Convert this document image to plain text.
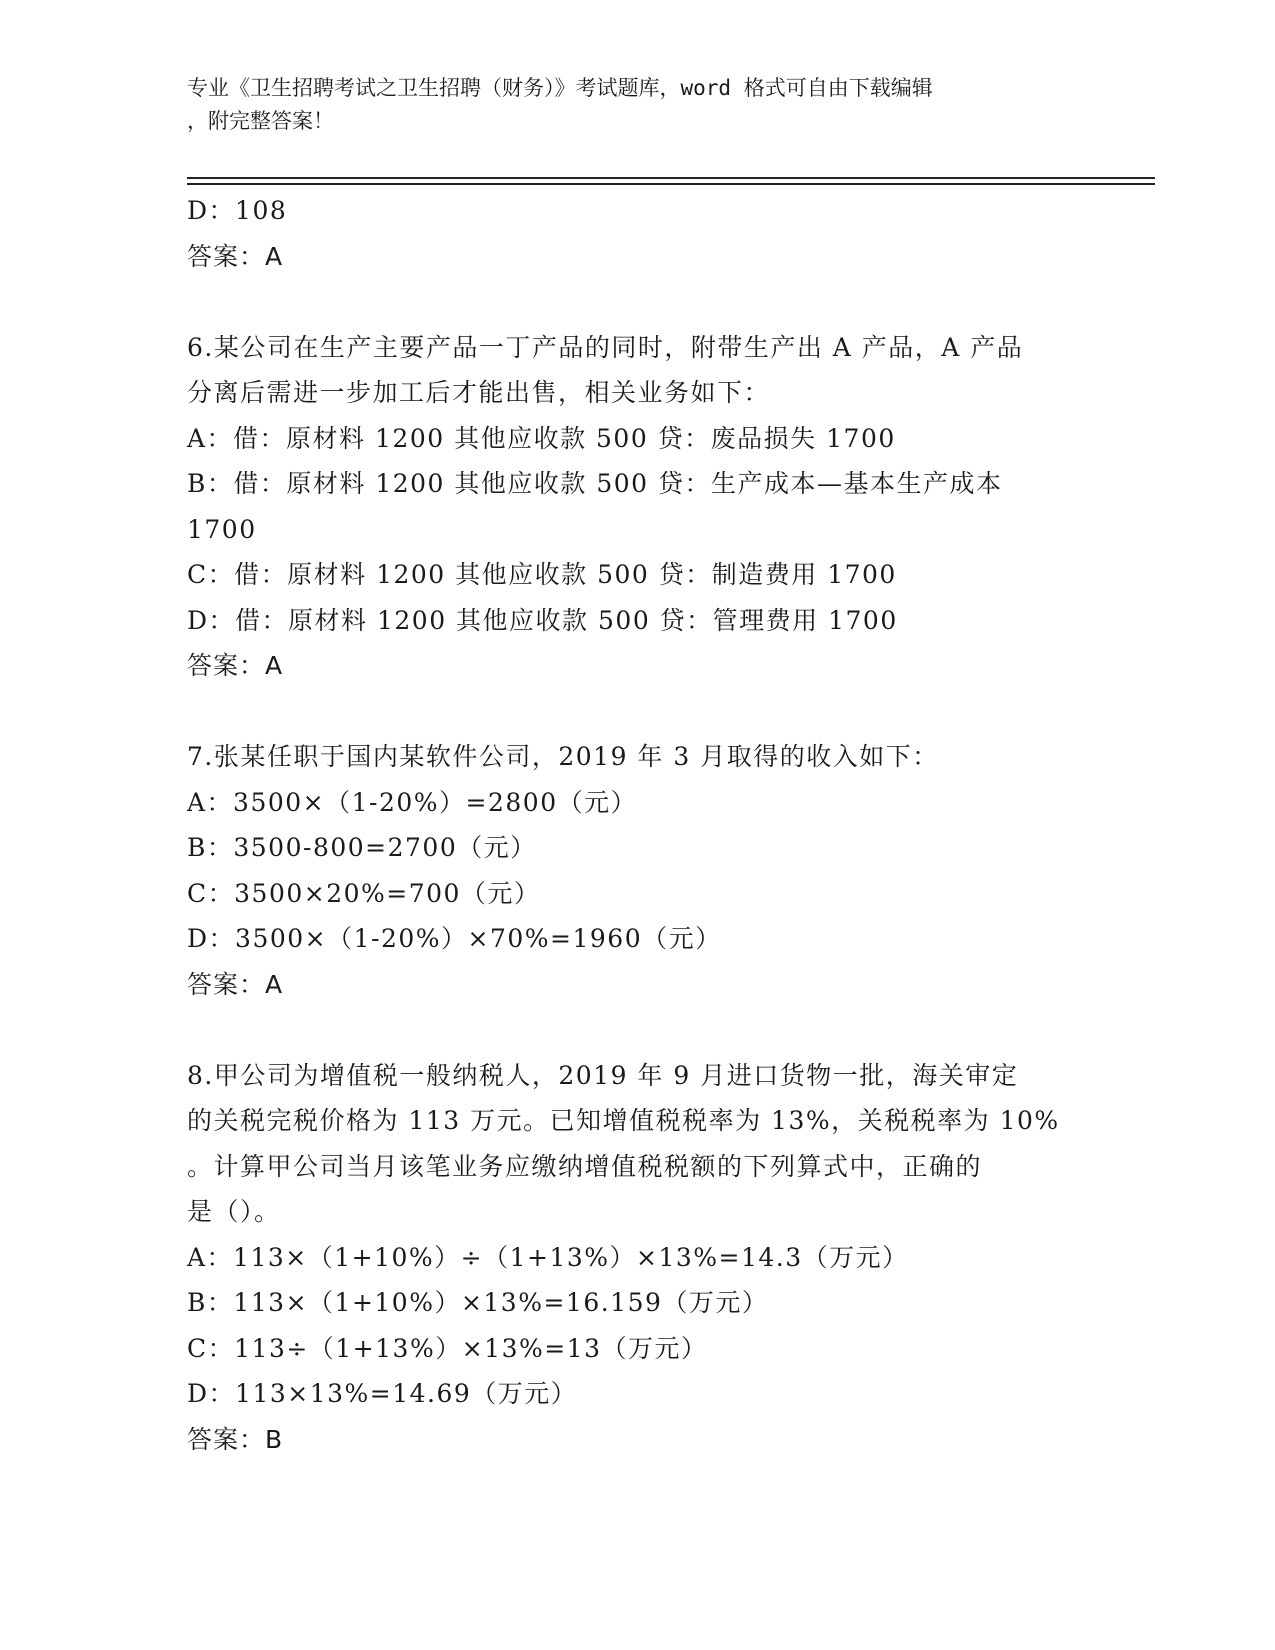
专业《卫生招聘考试之卫生招聘（财务）》考试题库，word 格式可自由下载编辑
，附完整答案！
D：108
答案：A
6.某公司在生产主要产品一丁产品的同时，附带生产出 A 产品，A 产品
分离后需进一步加工后才能出售，相关业务如下：
A：借：原材料 1200 其他应收款 500 贷：废品损失 1700
B：借：原材料 1200 其他应收款 500 贷：生产成本—基本生产成本
1700
C：借：原材料 1200 其他应收款 500 贷：制造费用 1700
D：借：原材料 1200 其他应收款 500 贷：管理费用 1700
答案：A
7.张某任职于国内某软件公司，2019 年 3 月取得的收入如下：
A：3500×（1-20%）=2800（元）
B：3500-800=2700（元）
C：3500×20%=700（元）
D：3500×（1-20%）×70%=1960（元）
答案：A
8.甲公司为增值税一般纳税人，2019 年 9 月进口货物一批，海关审定
的关税完税价格为 113 万元。已知增值税税率为 13%，关税税率为 10%
。计算甲公司当月该笔业务应缴纳增值税税额的下列算式中，正确的
是（）。
A：113×（1+10%）÷（1+13%）×13%=14.3（万元）
B：113×（1+10%）×13%=16.159（万元）
C：113÷（1+13%）×13%=13（万元）
D：113×13%=14.69（万元）
答案：B
